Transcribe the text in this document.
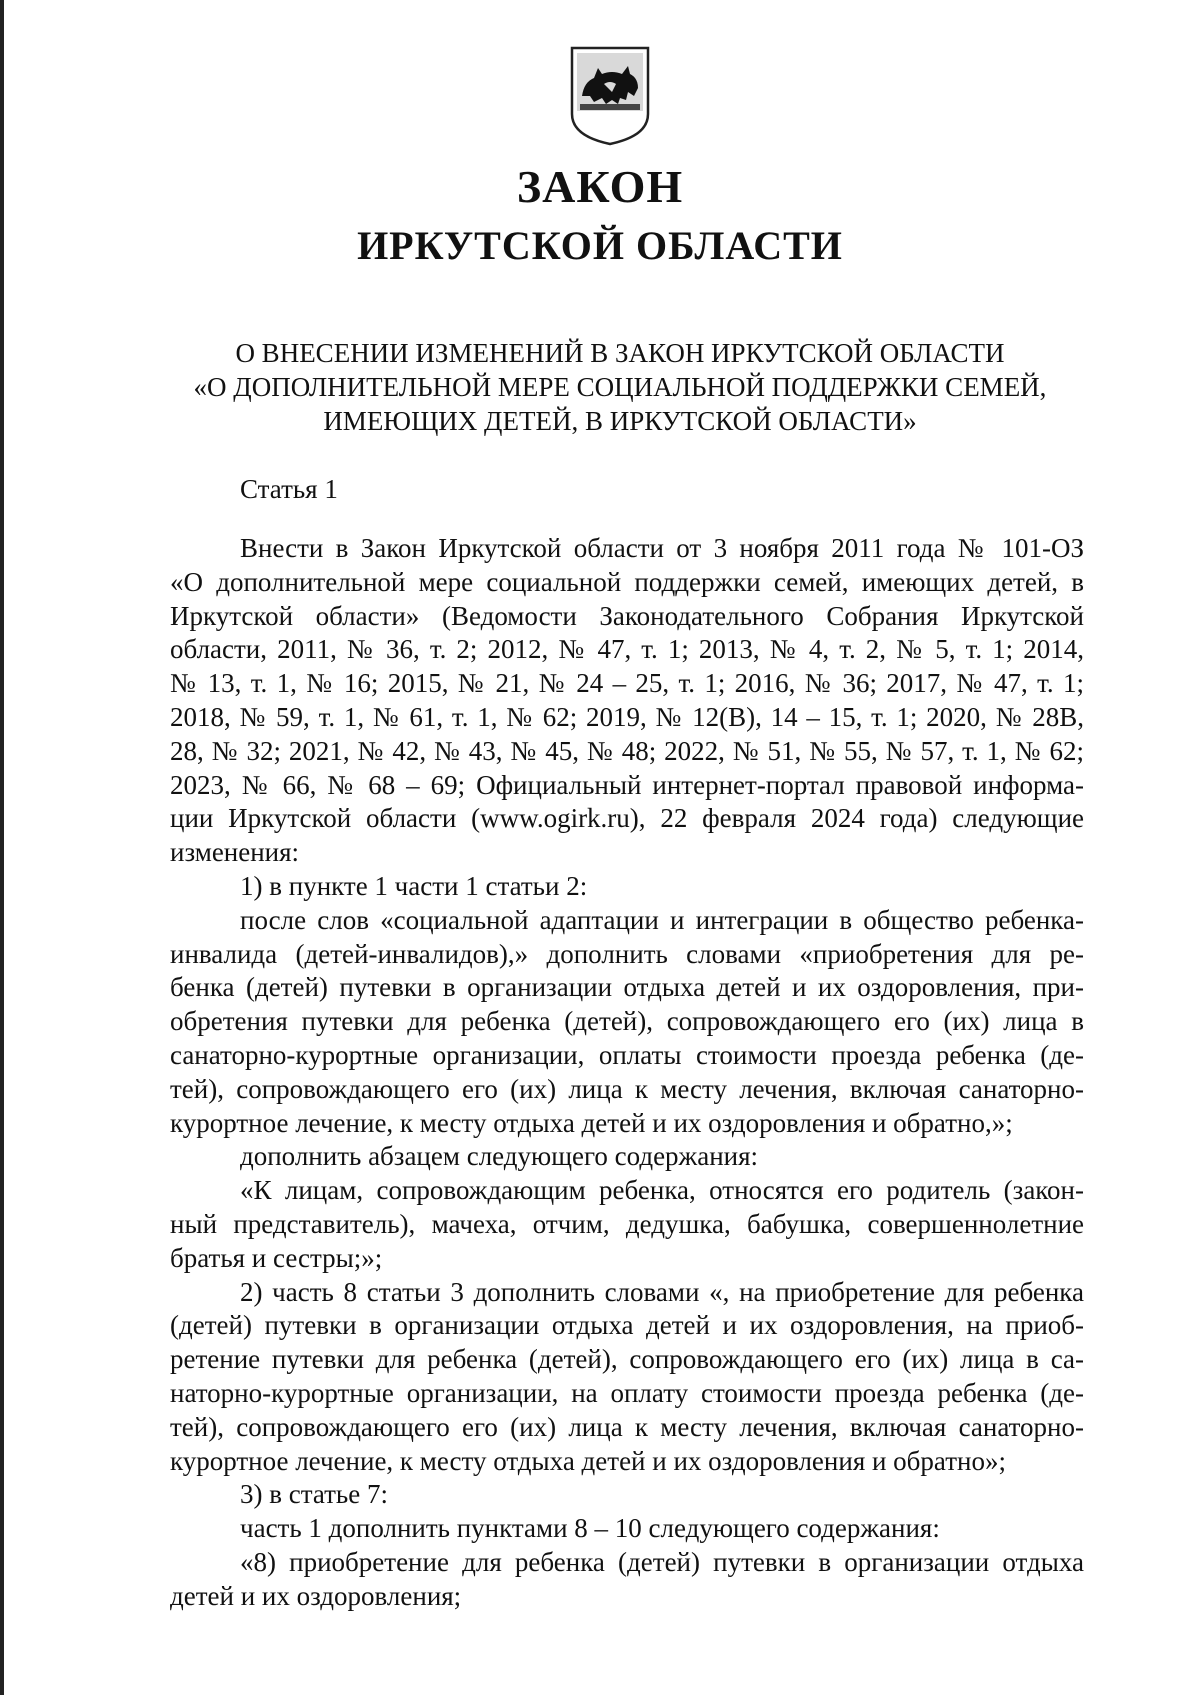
ЗАКОН
ИРКУТСКОЙ ОБЛАСТИ
О ВНЕСЕНИИ ИЗМЕНЕНИЙ В ЗАКОН ИРКУТСКОЙ ОБЛАСТИ
«О ДОПОЛНИТЕЛЬНОЙ МЕРЕ СОЦИАЛЬНОЙ ПОДДЕРЖКИ СЕМЕЙ,
ИМЕЮЩИХ ДЕТЕЙ, В ИРКУТСКОЙ ОБЛАСТИ»
Статья 1
Внести в Закон Иркутской области от 3 ноября 2011 года № 101-ОЗ
«О дополнительной мере социальной поддержки семей, имеющих детей, в
Иркутской области» (Ведомости Законодательного Собрания Иркутской
области, 2011, № 36, т. 2; 2012, № 47, т. 1; 2013, № 4, т. 2, № 5, т. 1; 2014,
№ 13, т. 1, № 16; 2015, № 21, № 24 – 25, т. 1; 2016, № 36; 2017, № 47, т. 1;
2018, № 59, т. 1, № 61, т. 1, № 62; 2019, № 12(В), 14 – 15, т. 1; 2020, № 28В,
28, № 32; 2021, № 42, № 43, № 45, № 48; 2022, № 51, № 55, № 57, т. 1, № 62;
2023, № 66, № 68 – 69; Официальный интернет-портал правовой информа-
ции Иркутской области (www.ogirk.ru), 22 февраля 2024 года) следующие
изменения:
1) в пункте 1 части 1 статьи 2:
после слов «социальной адаптации и интеграции в общество ребенка-
инвалида (детей-инвалидов),» дополнить словами «приобретения для ре-
бенка (детей) путевки в организации отдыха детей и их оздоровления, при-
обретения путевки для ребенка (детей), сопровождающего его (их) лица в
санаторно-курортные организации, оплаты стоимости проезда ребенка (де-
тей), сопровождающего его (их) лица к месту лечения, включая санаторно-
курортное лечение, к месту отдыха детей и их оздоровления и обратно,»;
дополнить абзацем следующего содержания:
«К лицам, сопровождающим ребенка, относятся его родитель (закон-
ный представитель), мачеха, отчим, дедушка, бабушка, совершеннолетние
братья и сестры;»;
2) часть 8 статьи 3 дополнить словами «, на приобретение для ребенка
(детей) путевки в организации отдыха детей и их оздоровления, на приоб-
ретение путевки для ребенка (детей), сопровождающего его (их) лица в са-
наторно-курортные организации, на оплату стоимости проезда ребенка (де-
тей), сопровождающего его (их) лица к месту лечения, включая санаторно-
курортное лечение, к месту отдыха детей и их оздоровления и обратно»;
3) в статье 7:
часть 1 дополнить пунктами 8 – 10 следующего содержания:
«8) приобретение для ребенка (детей) путевки в организации отдыха
детей и их оздоровления;
